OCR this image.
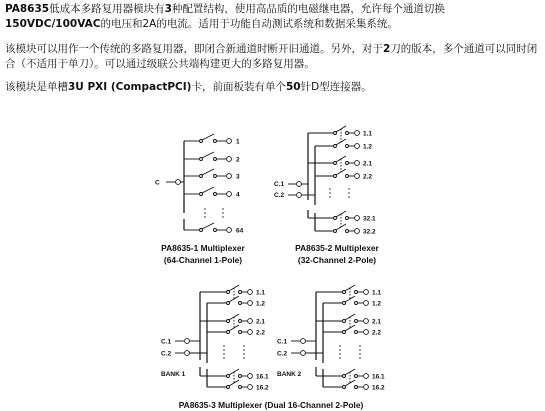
PA8635低成本多路复用器模块有3种配置结构，使用高品质的电磁继电器，允许每个通道切换150VDC/100VAC的电压和2A的电流。适用于功能自动测试系统和数据采集系统。

该模块可以用作一个传统的多路复用器，即闭合新通道时断开旧通道。另外，对于2刀的版本，多个通道可以同时闭合（不适用于单刀）。可以通过级联公共端构建更大的多路复用器。

该模块是单槽3U PXI (CompactPCI)卡，前面板装有单个50针D型连接器。

C
1
2
3
4
64
PA8635-1 Multiplexer
(64-Channel 1-Pole)
C.1
C.2
1.1
1.2
2.1
2.2
32.1
32.2
PA8635-2 Multiplexer
(32-Channel 2-Pole)
C.1
C.2
BANK 1
1.1
1.2
2.1
2.2
16.1
16.2
C.1
C.2
BANK 2
1.1
1.2
2.1
2.2
16.1
16.2
PA8635-3 Multiplexer (Dual 16-Channel 2-Pole)
